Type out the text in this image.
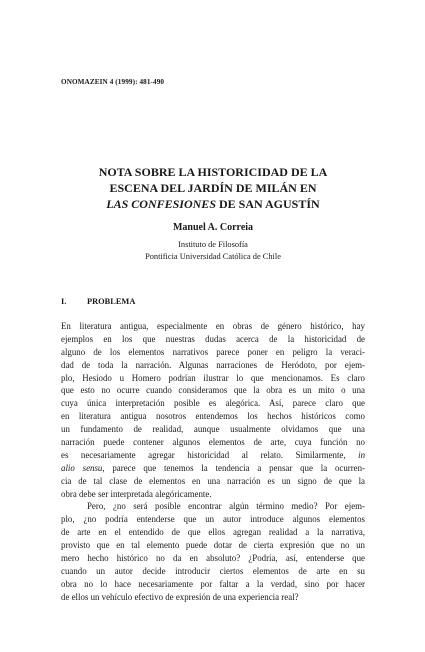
ONOMAZEIN 4 (1999): 481-490
NOTA SOBRE LA HISTORICIDAD DE LA
ESCENA DEL JARDÍN DE MILÁN EN
LAS CONFESIONES DE SAN AGUSTÍN
Manuel A. Correia
Instituto de Filosofía
Pontificia Universidad Católica de Chile
I. PROBLEMA
En literatura antigua, especialmente en obras de género histórico, hay
ejemplos en los que nuestras dudas acerca de la historicidad de
alguno de los elementos narrativos parece poner en peligro la veraci-
dad de toda la narración. Algunas narraciones de Heródoto, por ejem-
plo, Hesíodo u Homero podrían ilustrar lo que mencionamos. Es claro
que esto no ocurre cuando consideramos que la obra es un mito o una
cuya única interpretación posible es alegórica. Así, parece claro que
en literatura antigua nosotros entendemos los hechos históricos como
un fundamento de realidad, aunque usualmente olvidamos que una
narración puede contener algunos elementos de arte, cuya función no
es necesariamente agregar historicidad al relato. Similarmente, in
alio sensu, parece que tenemos la tendencia a pensar que la ocurren-
cia de tal clase de elementos en una narración es un signo de que la
obra debe ser interpretada alegóricamente.
Pero, ¿no será posible encontrar algún término medio? Por ejem-
plo, ¿no podría entenderse que un autor introduce algunos elementos
de arte en el entendido de que ellos agregan realidad a la narrativa,
provisto que en tal elemento puede dotar de cierta expresión que no un
mero hecho histórico no da en absoluto? ¿Podría, así, entenderse que
cuando un autor decide introducir ciertos elementos de arte en su
obra no lo hace necesariamente por faltar a la verdad, sino por hacer
de ellos un vehículo efectivo de expresión de una experiencia real?
